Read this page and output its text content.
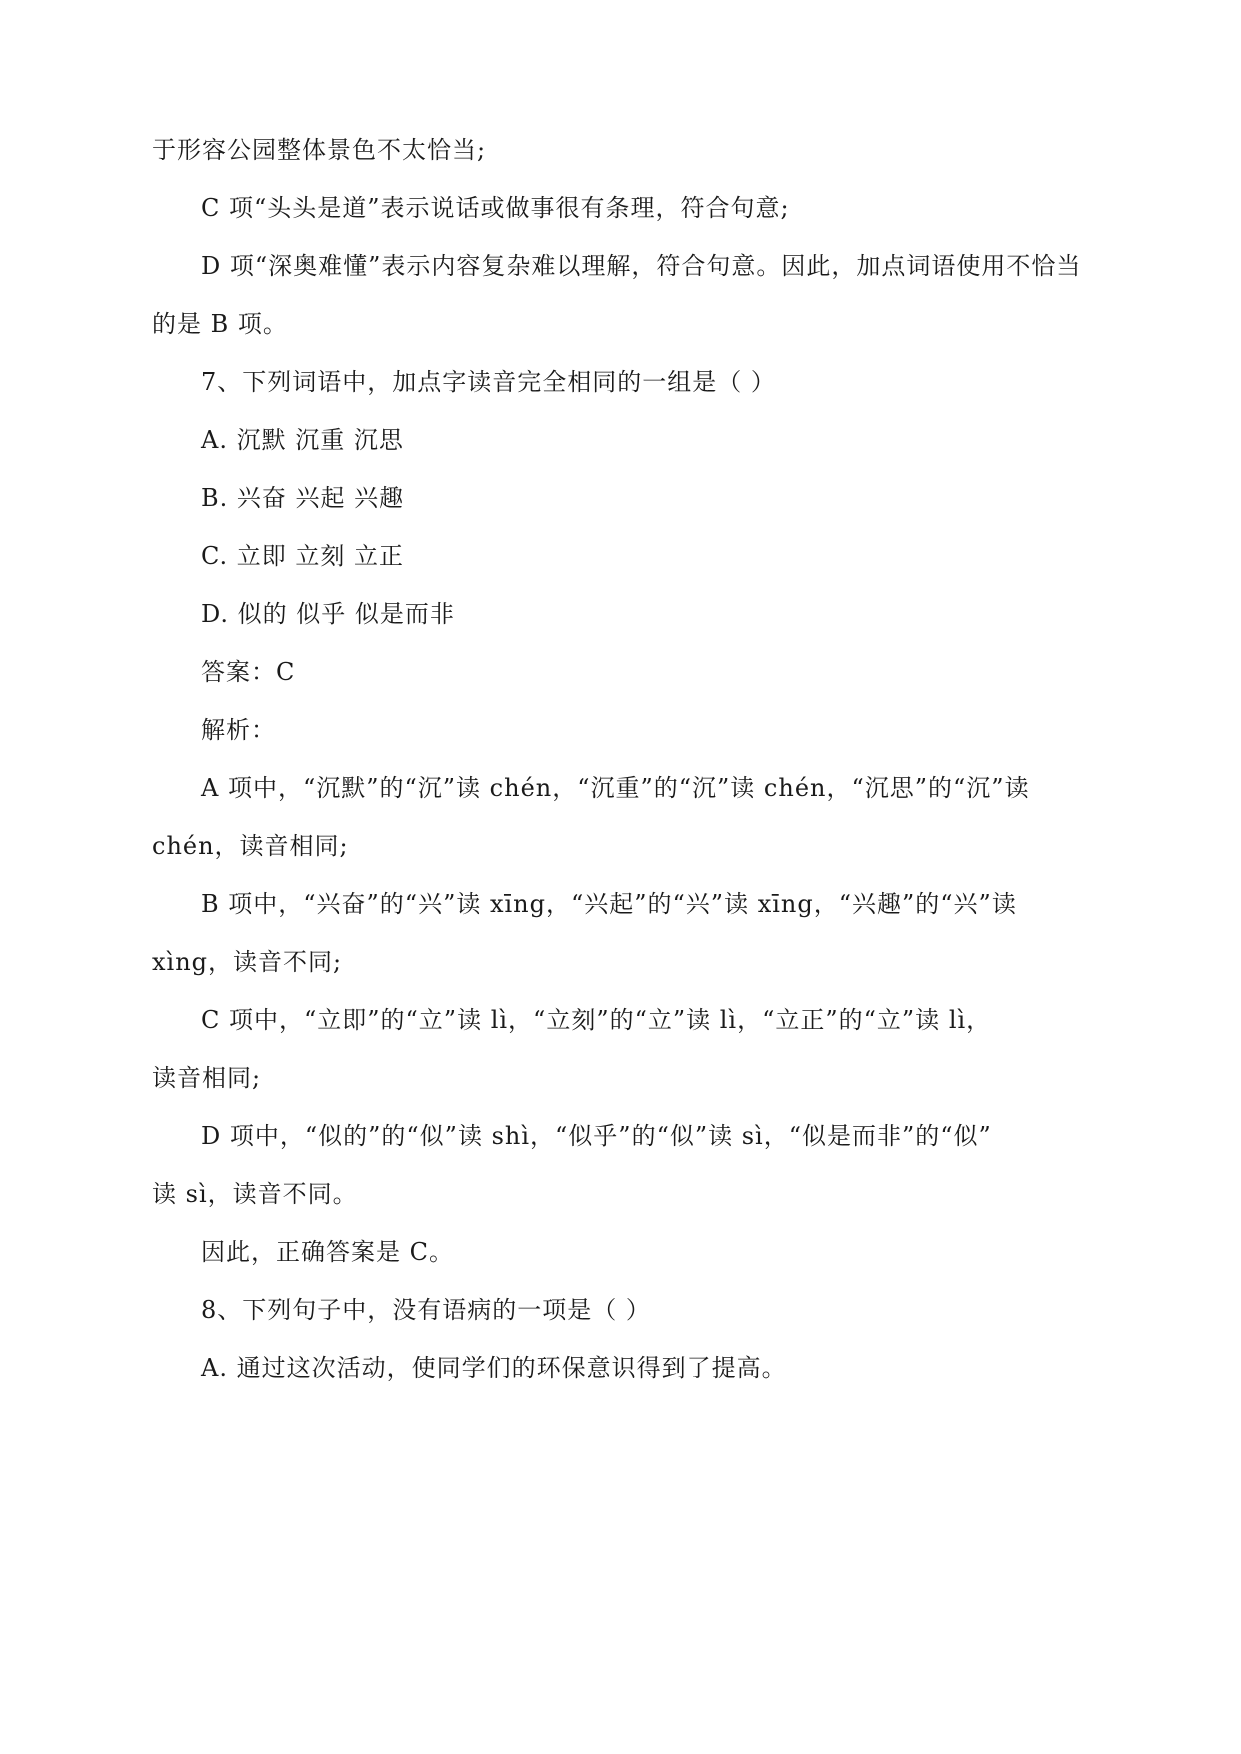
于形容公园整体景色不太恰当;
C 项“头头是道”表示说话或做事很有条理，符合句意;
D 项“深奥难懂”表示内容复杂难以理解，符合句意。因此，加点词语使用不恰当
的是 B 项。
7、下列词语中，加点字读音完全相同的一组是（ ）
A. 沉默 沉重 沉思
B. 兴奋 兴起 兴趣
C. 立即 立刻 立正
D. 似的 似乎 似是而非
答案：C
解析：
A 项中，“沉默”的“沉”读 chén，“沉重”的“沉”读 chén，“沉思”的“沉”读
chén，读音相同;
B 项中，“兴奋”的“兴”读 xīng，“兴起”的“兴”读 xīng，“兴趣”的“兴”读
xìng，读音不同;
C 项中，“立即”的“立”读 lì，“立刻”的“立”读 lì，“立正”的“立”读 lì，
读音相同;
D 项中，“似的”的“似”读 shì，“似乎”的“似”读 sì，“似是而非”的“似”
读 sì，读音不同。
因此，正确答案是 C。
8、下列句子中，没有语病的一项是（ ）
A. 通过这次活动，使同学们的环保意识得到了提高。
